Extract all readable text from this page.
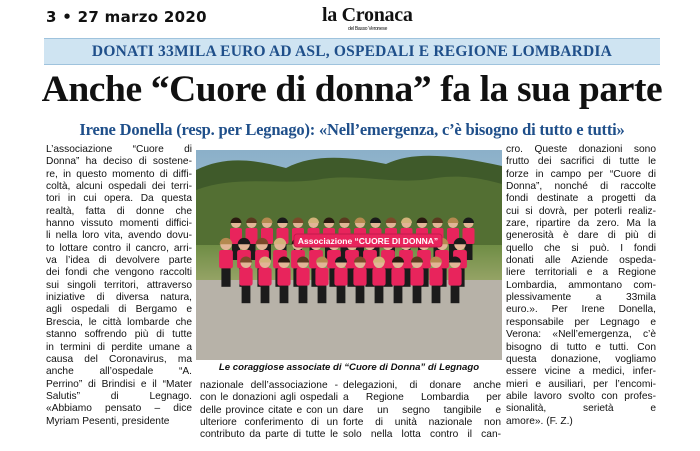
3 • 27 marzo 2020	la Cronaca
del Basso Veronese
DONATI 33MILA EURO AD ASL, OSPEDALI E REGIONE LOMBARDIA
Anche “Cuore di donna” fa la sua parte
Irene Donella (resp. per Legnago): «Nell’emergenza, c’è bisogno di tutto e tutti»
L’associazione “Cuore di
Donna” ha deciso di sostene-
re, in questo momento di diffi-
coltà, alcuni ospedali dei terri-
tori in cui opera. Da questa
realtà, fatta di donne che
hanno vissuto momenti diffici-
li nella loro vita, avendo dovu-
to lottare contro il cancro, arri-
va l’idea di devolvere parte
dei fondi che vengono raccolti
sui singoli territori, attraverso
iniziative di diversa natura,
agli ospedali di Bergamo e
Brescia, le città lombarde che
stanno soffrendo più di tutte
in termini di perdite umane a
causa del Coronavirus, ma
anche all’ospedale “A.
Perrino” di Brindisi e il “Mater
Salutis” di Legnago.
«Abbiamo pensato – dice
Myriam Pesenti, presidente
Associazione “CUORE DI DONNA”
Le coraggiose associate di “Cuore di Donna” di Legnago
nazionale dell’associazione -
con le donazioni agli ospedali
delle province citate e con un
ulteriore conferimento di un
contributo da parte di tutte le
delegazioni, di donare anche
a Regione Lombardia per
dare un segno tangibile e
forte di unità nazionale non
solo nella lotta contro il can-
cro. Queste donazioni sono
frutto dei sacrifici di tutte le
forze in campo per “Cuore di
Donna”, nonché di raccolte
fondi destinate a progetti da
cui si dovrà, per poterli realiz-
zare, ripartire da zero. Ma la
generosità è dare di più di
quello che si può. I fondi
donati alle Aziende ospeda-
liere territoriali e a Regione
Lombardia, ammontano com-
plessivamente a 33mila
euro.». Per Irene Donella,
responsabile per Legnago e
Verona: «Nell’emergenza, c’è
bisogno di tutto e tutti. Con
questa donazione, vogliamo
essere vicine a medici, infer-
mieri e ausiliari, per l’encomi-
abile lavoro svolto con profes-
sionalità, serietà e
amore». (F. Z.)
